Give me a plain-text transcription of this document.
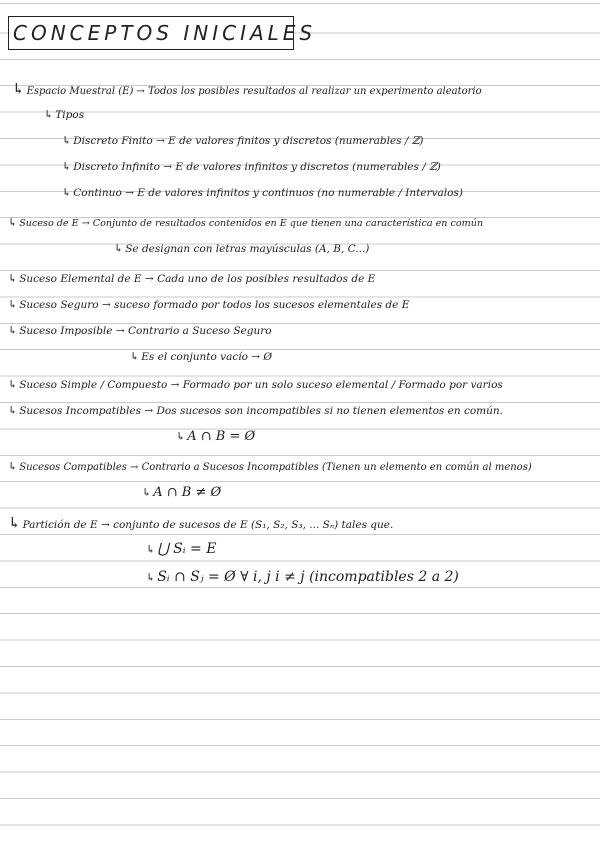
CONCEPTOS INICIALES
↳ Espacio Muestral (E) → Todos los posibles resultados al realizar un experimento aleatorio
↳ Tipos
↳ Discreto Finito → E de valores finitos y discretos (numerables / ℤ)
↳ Discreto Infinito → E de valores infinitos y discretos (numerables / ℤ)
↳ Continuo → E de valores infinitos y continuos (no numerable / Intervalos)
↳ Suceso de E → Conjunto de resultados contenidos en E que tienen una característica en común
↳ Se designan con letras mayúsculas (A, B, C...)
↳ Suceso Elemental de E → Cada uno de los posibles resultados de E
↳ Suceso Seguro → suceso formado por todos los sucesos elementales de E
↳ Suceso Imposible → Contrario a Suceso Seguro
↳ Es el conjunto vacío → Ø
↳ Suceso Simple / Compuesto → Formado por un solo suceso elemental / Formado por varios
↳ Sucesos Incompatibles → Dos sucesos son incompatibles si no tienen elementos en común.
↳ A ∩ B = Ø
↳ Sucesos Compatibles → Contrario a Sucesos Incompatibles (Tienen un elemento en común al menos)
↳ A ∩ B ≠ Ø
↳ Partición de E → conjunto de sucesos de E (S₁, S₂, S₃, ... Sₙ) tales que.
↳ ⋃ Sᵢ = E
↳ Sᵢ ∩ Sⱼ = Ø ∀ i, j i ≠ j (incompatibles 2 a 2)
